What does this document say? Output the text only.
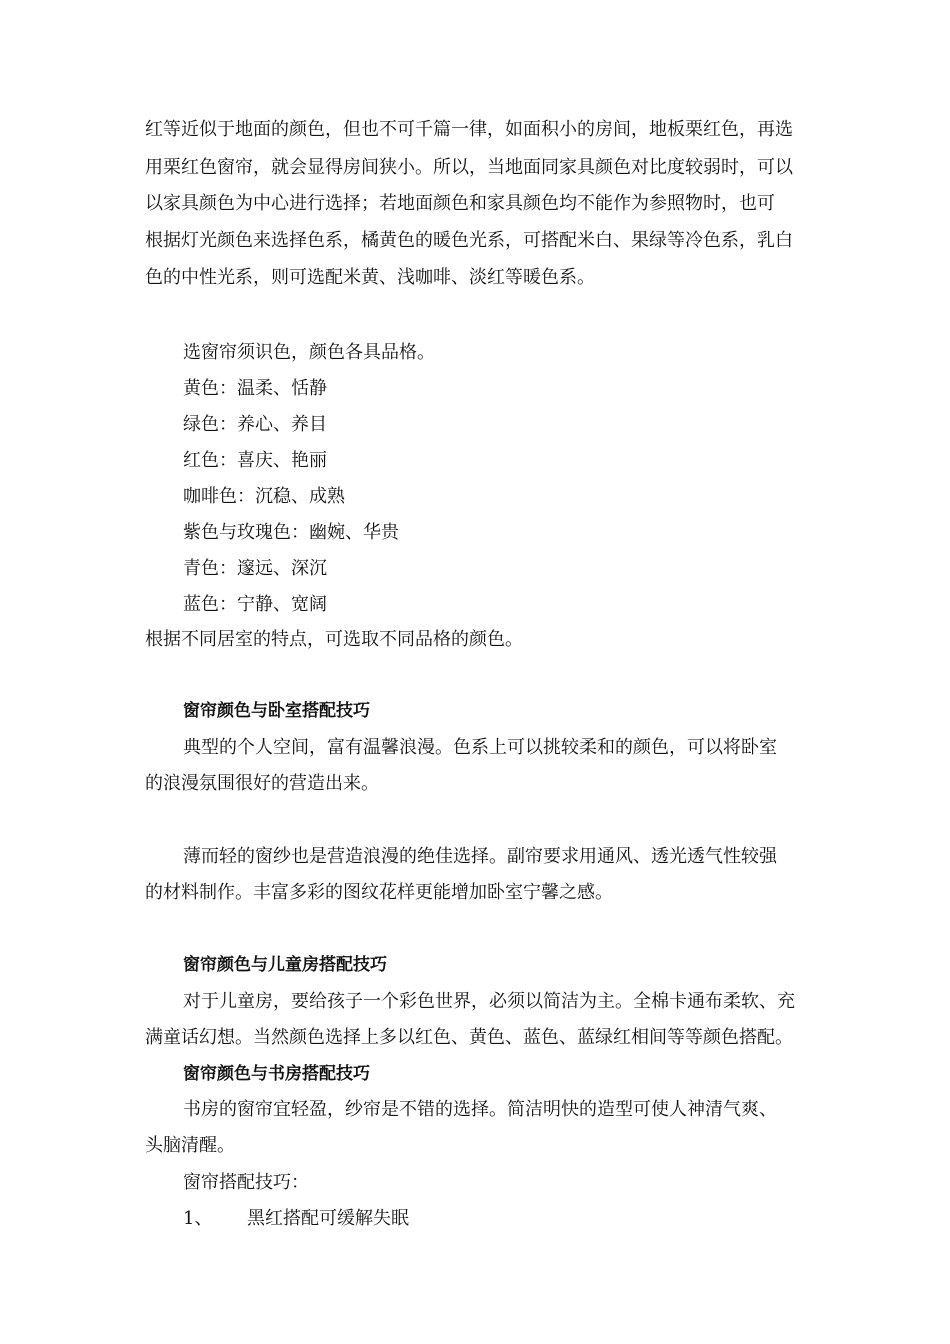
红等近似于地面的颜色，但也不可千篇一律，如面积小的房间，地板栗红色，再选
用栗红色窗帘，就会显得房间狭小。所以，当地面同家具颜色对比度较弱时，可以
以家具颜色为中心进行选择；若地面颜色和家具颜色均不能作为参照物时，也可
根据灯光颜色来选择色系，橘黄色的暖色光系，可搭配米白、果绿等冷色系，乳白
色的中性光系，则可选配米黄、浅咖啡、淡红等暖色系。
选窗帘须识色，颜色各具品格。
黄色：温柔、恬静
绿色：养心、养目
红色：喜庆、艳丽
咖啡色：沉稳、成熟
紫色与玫瑰色：幽婉、华贵
青色：邃远、深沉
蓝色：宁静、宽阔
根据不同居室的特点，可选取不同品格的颜色。
窗帘颜色与卧室搭配技巧
典型的个人空间，富有温馨浪漫。色系上可以挑较柔和的颜色，可以将卧室
的浪漫氛围很好的营造出来。
薄而轻的窗纱也是营造浪漫的绝佳选择。副帘要求用通风、透光透气性较强
的材料制作。丰富多彩的图纹花样更能增加卧室宁馨之感。
窗帘颜色与儿童房搭配技巧
对于儿童房，要给孩子一个彩色世界，必须以简洁为主。全棉卡通布柔软、充
满童话幻想。当然颜色选择上多以红色、黄色、蓝色、蓝绿红相间等等颜色搭配。
窗帘颜色与书房搭配技巧
书房的窗帘宜轻盈，纱帘是不错的选择。简洁明快的造型可使人神清气爽、
头脑清醒。
窗帘搭配技巧：
1、 黑红搭配可缓解失眠
